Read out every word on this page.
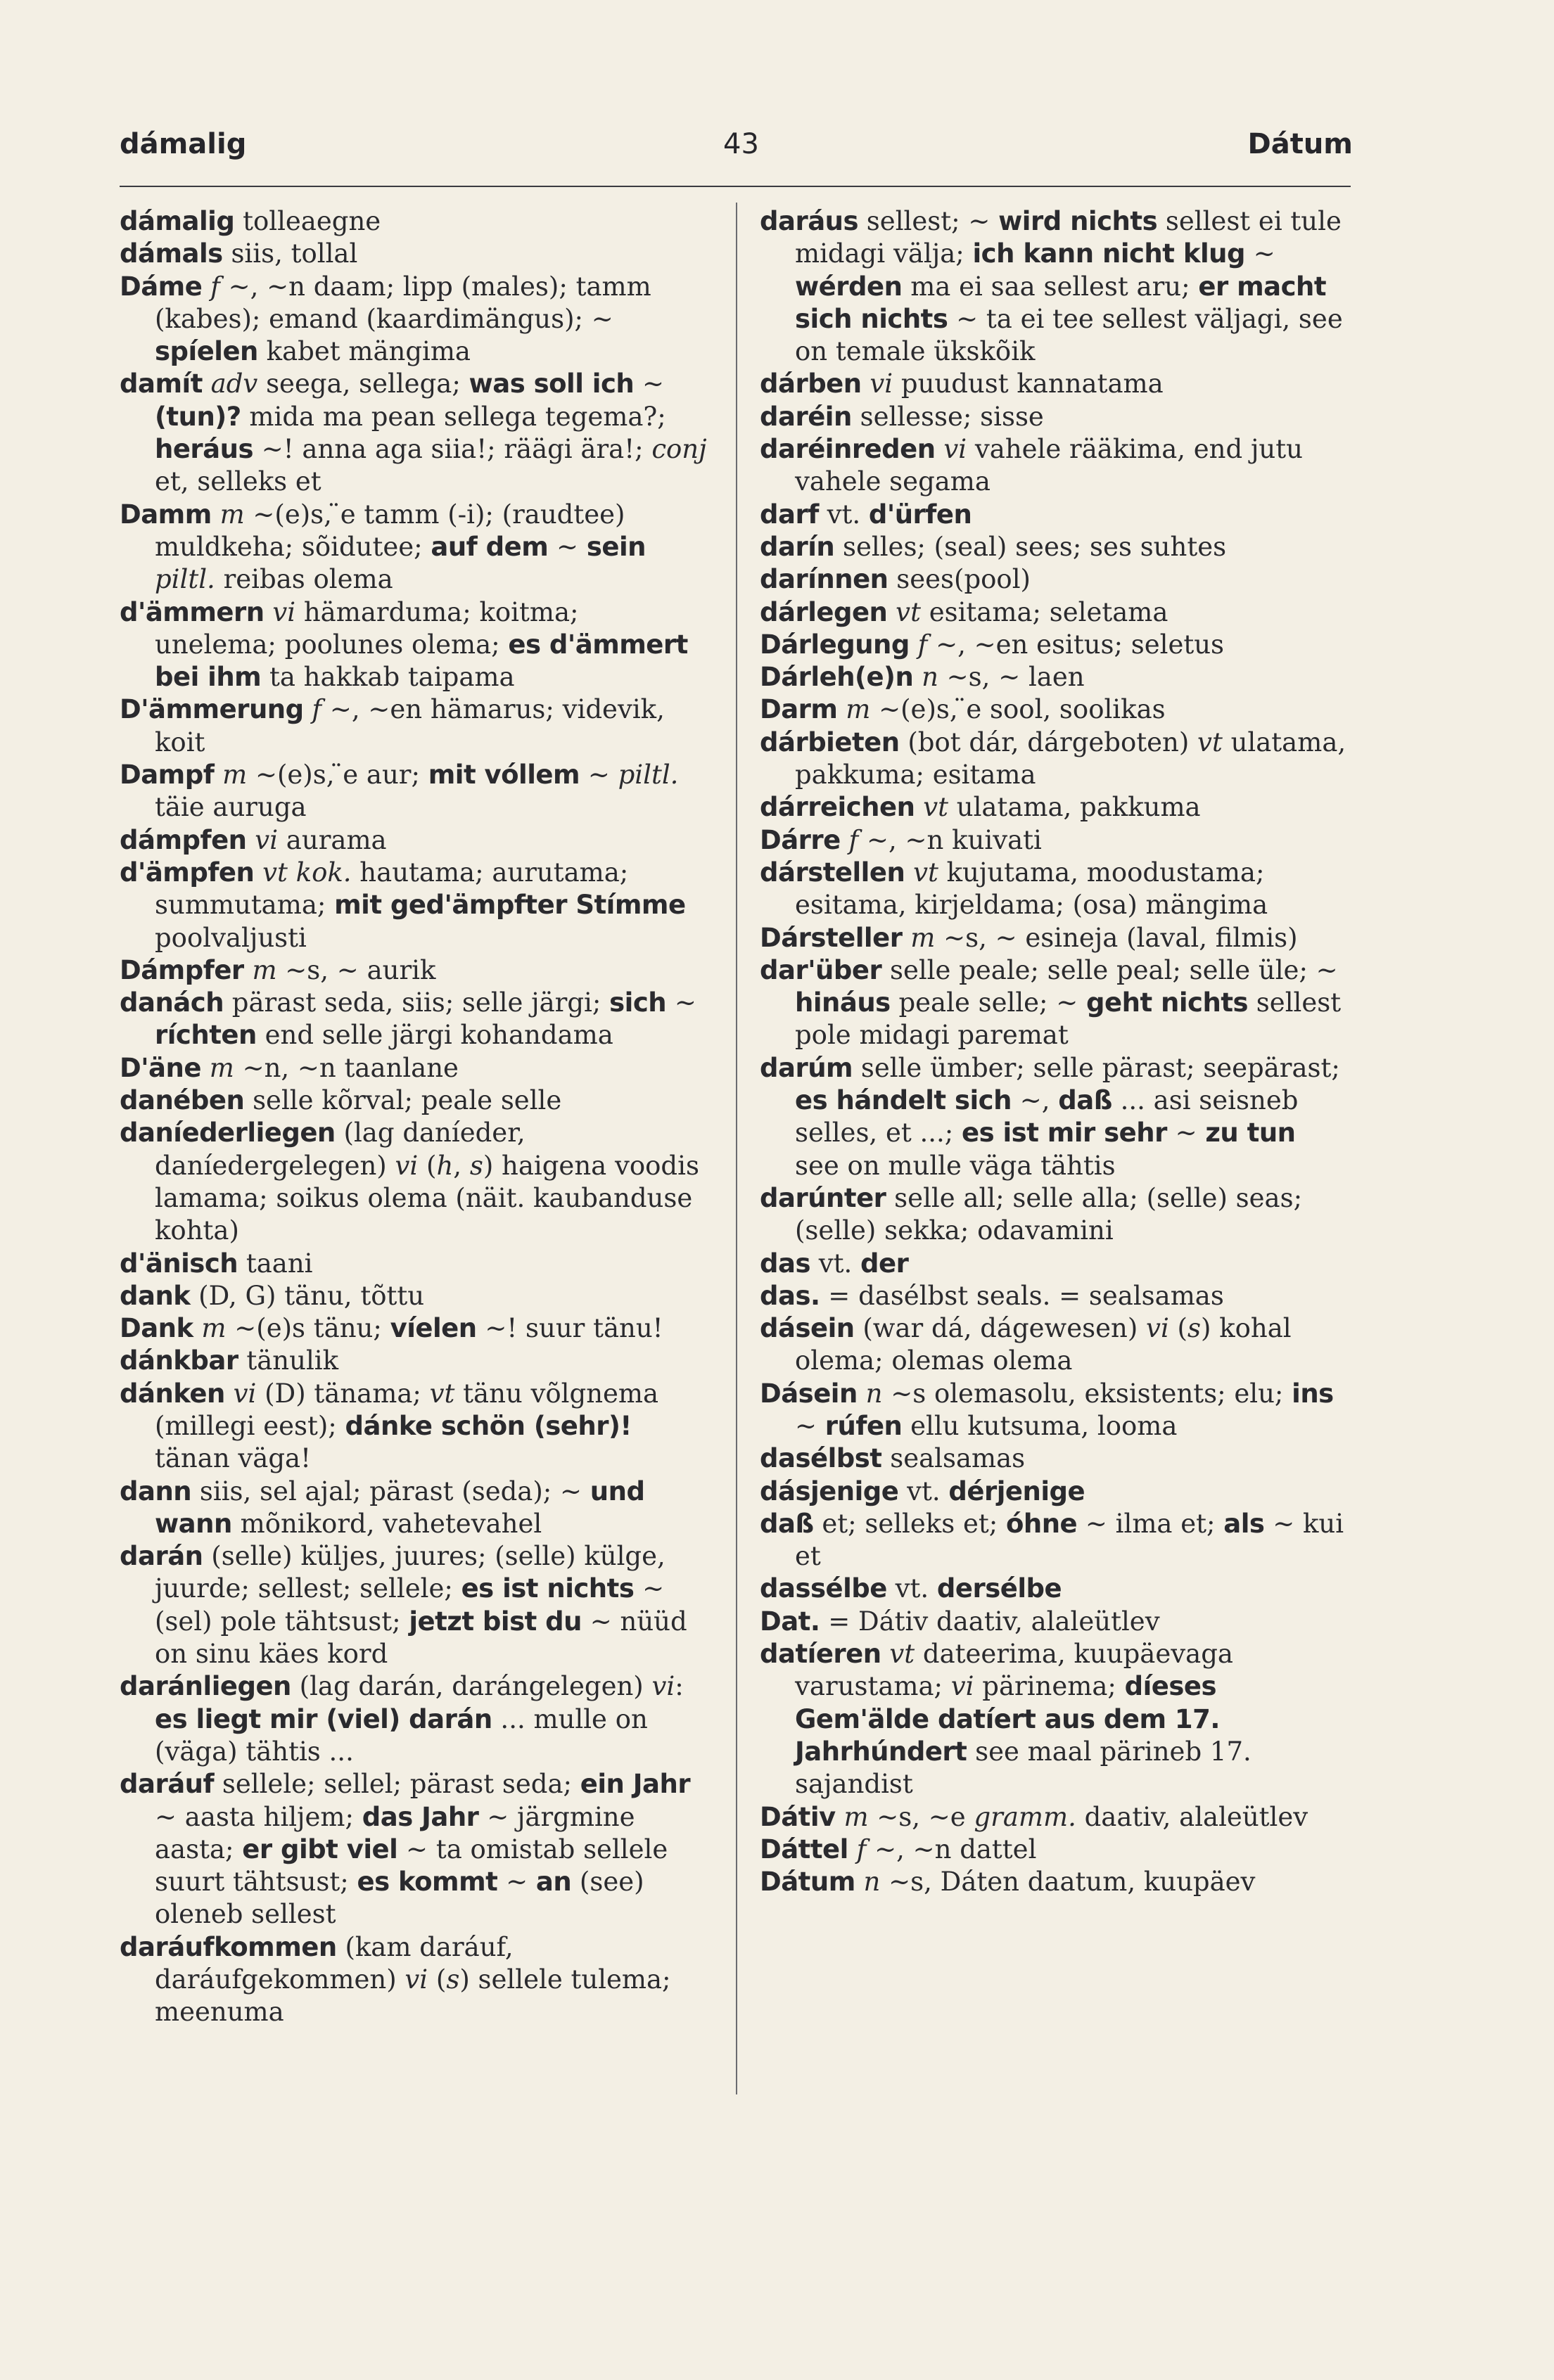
dámalig	43	Dátum

dámalig tolleaegne

dámals siis, tollal

Dáme f ~, ~n daam; lipp (males); tamm (kabes); emand (kaardimängus); ~ spíelen kabet mängima

damít adv seega, sellega; was soll ich ~ (tun)? mida ma pean sellega tegema?; heráus ~! anna aga siia!; räägi ära!; conj et, selleks et

Damm m ~(e)s, ̈e tamm (-i); (raudtee) muldkeha; sõidutee; auf dem ~ sein piltl. reibas olema

d'ämmern vi hämarduma; koitma; unelema; poolunes olema; es d'ämmert bei ihm ta hakkab taipama

D'ämmerung f ~, ~en hämarus; videvik, koit

Dampf m ~(e)s, ̈e aur; mit vóllem ~ piltl. täie auruga

dámpfen vi aurama

d'ämpfen vt kok. hautama; aurutama; summutama; mit ged'ämpfter Stímme poolvaljusti

Dámpfer m ~s, ~ aurik

danách pärast seda, siis; selle järgi; sich ~ ríchten end selle järgi kohandama

D'äne m ~n, ~n taanlane

danében selle kõrval; peale selle

daníederliegen (lag daníeder, daníedergelegen) vi (h, s) haigena voodis lamama; soikus olema (näit. kaubanduse kohta)

d'änisch taani

dank (D, G) tänu, tõttu

Dank m ~(e)s tänu; víelen ~! suur tänu!

dánkbar tänulik

dánken vi (D) tänama; vt tänu võlgnema (millegi eest); dánke schön (sehr)! tänan väga!

dann siis, sel ajal; pärast (seda); ~ und wann mõnikord, vahetevahel

darán (selle) küljes, juures; (selle) külge, juurde; sellest; sellele; es ist nichts ~ (sel) pole tähtsust; jetzt bist du ~ nüüd on sinu käes kord

daránliegen (lag darán, darángelegen) vi: es liegt mir (viel) darán ... mulle on (väga) tähtis ...

daráuf sellele; sellel; pärast seda; ein Jahr ~ aasta hiljem; das Jahr ~ järgmine aasta; er gibt viel ~ ta omistab sellele suurt tähtsust; es kommt ~ an (see) oleneb sellest

daráufkommen (kam daráuf, daráufgekommen) vi (s) sellele tulema; meenuma

daráus sellest; ~ wird nichts sellest ei tule midagi välja; ich kann nicht klug ~ wérden ma ei saa sellest aru; er macht sich nichts ~ ta ei tee sellest väljagi, see on temale ükskõik

dárben vi puudust kannatama

daréin sellesse; sisse

daréinreden vi vahele rääkima, end jutu vahele segama

darf vt. d'ürfen

darín selles; (seal) sees; ses suhtes

darínnen sees(pool)

dárlegen vt esitama; seletama

Dárlegung f ~, ~en esitus; seletus

Dárleh(e)n n ~s, ~ laen

Darm m ~(e)s, ̈e sool, soolikas

dárbieten (bot dár, dárgeboten) vt ulatama, pakkuma; esitama

dárreichen vt ulatama, pakkuma

Dárre f ~, ~n kuivati

dárstellen vt kujutama, moodustama; esitama, kirjeldama; (osa) mängima

Dársteller m ~s, ~ esineja (laval, filmis)

dar'über selle peale; selle peal; selle üle; ~ hináus peale selle; ~ geht nichts sellest pole midagi paremat

darúm selle ümber; selle pärast; seepärast; es hándelt sich ~, daß ... asi seisneb selles, et ...; es ist mir sehr ~ zu tun see on mulle väga tähtis

darúnter selle all; selle alla; (selle) seas; (selle) sekka; odavamini

das vt. der

das. = dasélbst seals. = sealsamas

dásein (war dá, dágewesen) vi (s) kohal olema; olemas olema

Dásein n ~s olemasolu, eksistents; elu; ins ~ rúfen ellu kutsuma, looma

dasélbst sealsamas

dásjenige vt. dérjenige

daß et; selleks et; óhne ~ ilma et; als ~ kui et

dassélbe vt. dersélbe

Dat. = Dátiv daativ, alaleütlev

datíeren vt dateerima, kuupäevaga varustama; vi pärinema; díeses Gem'älde datíert aus dem 17. Jahrhúndert see maal pärineb 17. sajandist

Dátiv m ~s, ~e gramm. daativ, alaleütlev

Dáttel f ~, ~n dattel

Dátum n ~s, Dáten daatum, kuupäev
